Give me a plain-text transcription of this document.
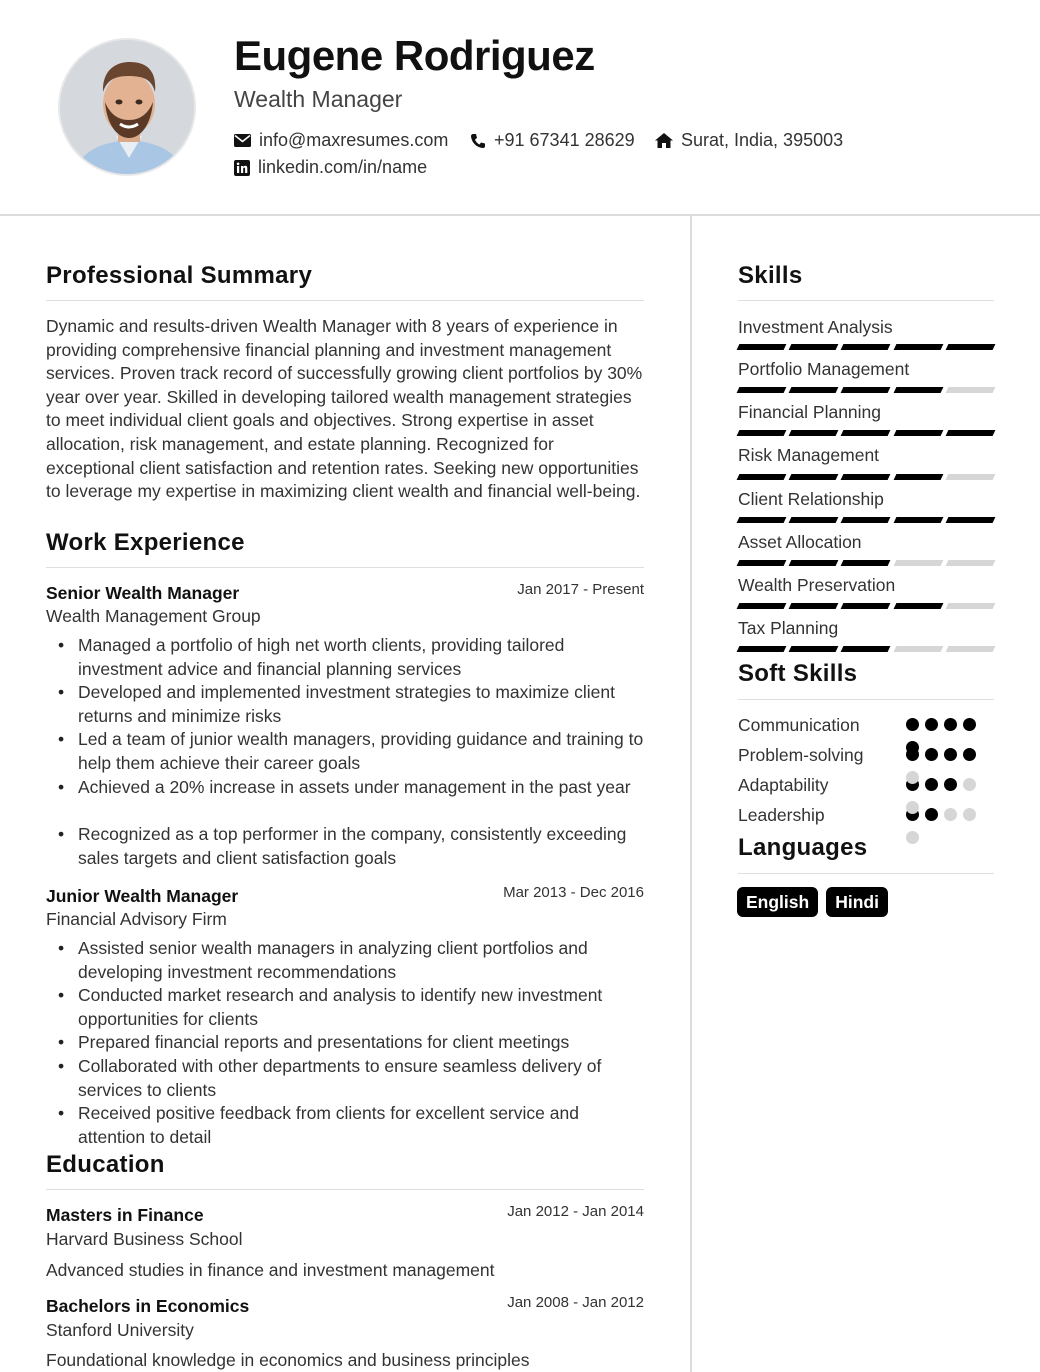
Eugene Rodriguez
Wealth Manager
info@maxresumes.com	+91 67341 28629	Surat, India, 395003
linkedin.com/in/name
Professional Summary
Dynamic and results-driven Wealth Manager with 8 years of experience in providing comprehensive financial planning and investment management services. Proven track record of successfully growing client portfolios by 30% year over year. Skilled in developing tailored wealth management strategies to meet individual client goals and objectives. Strong expertise in asset allocation, risk management, and estate planning. Recognized for exceptional client satisfaction and retention rates. Seeking new opportunities to leverage my expertise in maximizing client wealth and financial well-being.
Work Experience
Senior Wealth Manager	Jan 2017 - Present
Wealth Management Group
• Managed a portfolio of high net worth clients, providing tailored investment advice and financial planning services
• Developed and implemented investment strategies to maximize client returns and minimize risks
• Led a team of junior wealth managers, providing guidance and training to help them achieve their career goals
• Achieved a 20% increase in assets under management in the past year
• Recognized as a top performer in the company, consistently exceeding sales targets and client satisfaction goals
Junior Wealth Manager	Mar 2013 - Dec 2016
Financial Advisory Firm
• Assisted senior wealth managers in analyzing client portfolios and developing investment recommendations
• Conducted market research and analysis to identify new investment opportunities for clients
• Prepared financial reports and presentations for client meetings
• Collaborated with other departments to ensure seamless delivery of services to clients
• Received positive feedback from clients for excellent service and attention to detail
Education
Masters in Finance	Jan 2012 - Jan 2014
Harvard Business School
Advanced studies in finance and investment management
Bachelors in Economics	Jan 2008 - Jan 2012
Stanford University
Foundational knowledge in economics and business principles
Skills
Investment Analysis
Portfolio Management
Financial Planning
Risk Management
Client Relationship
Asset Allocation
Wealth Preservation
Tax Planning
Soft Skills
Communication
Problem-solving
Adaptability
Leadership
Languages
English	Hindi
